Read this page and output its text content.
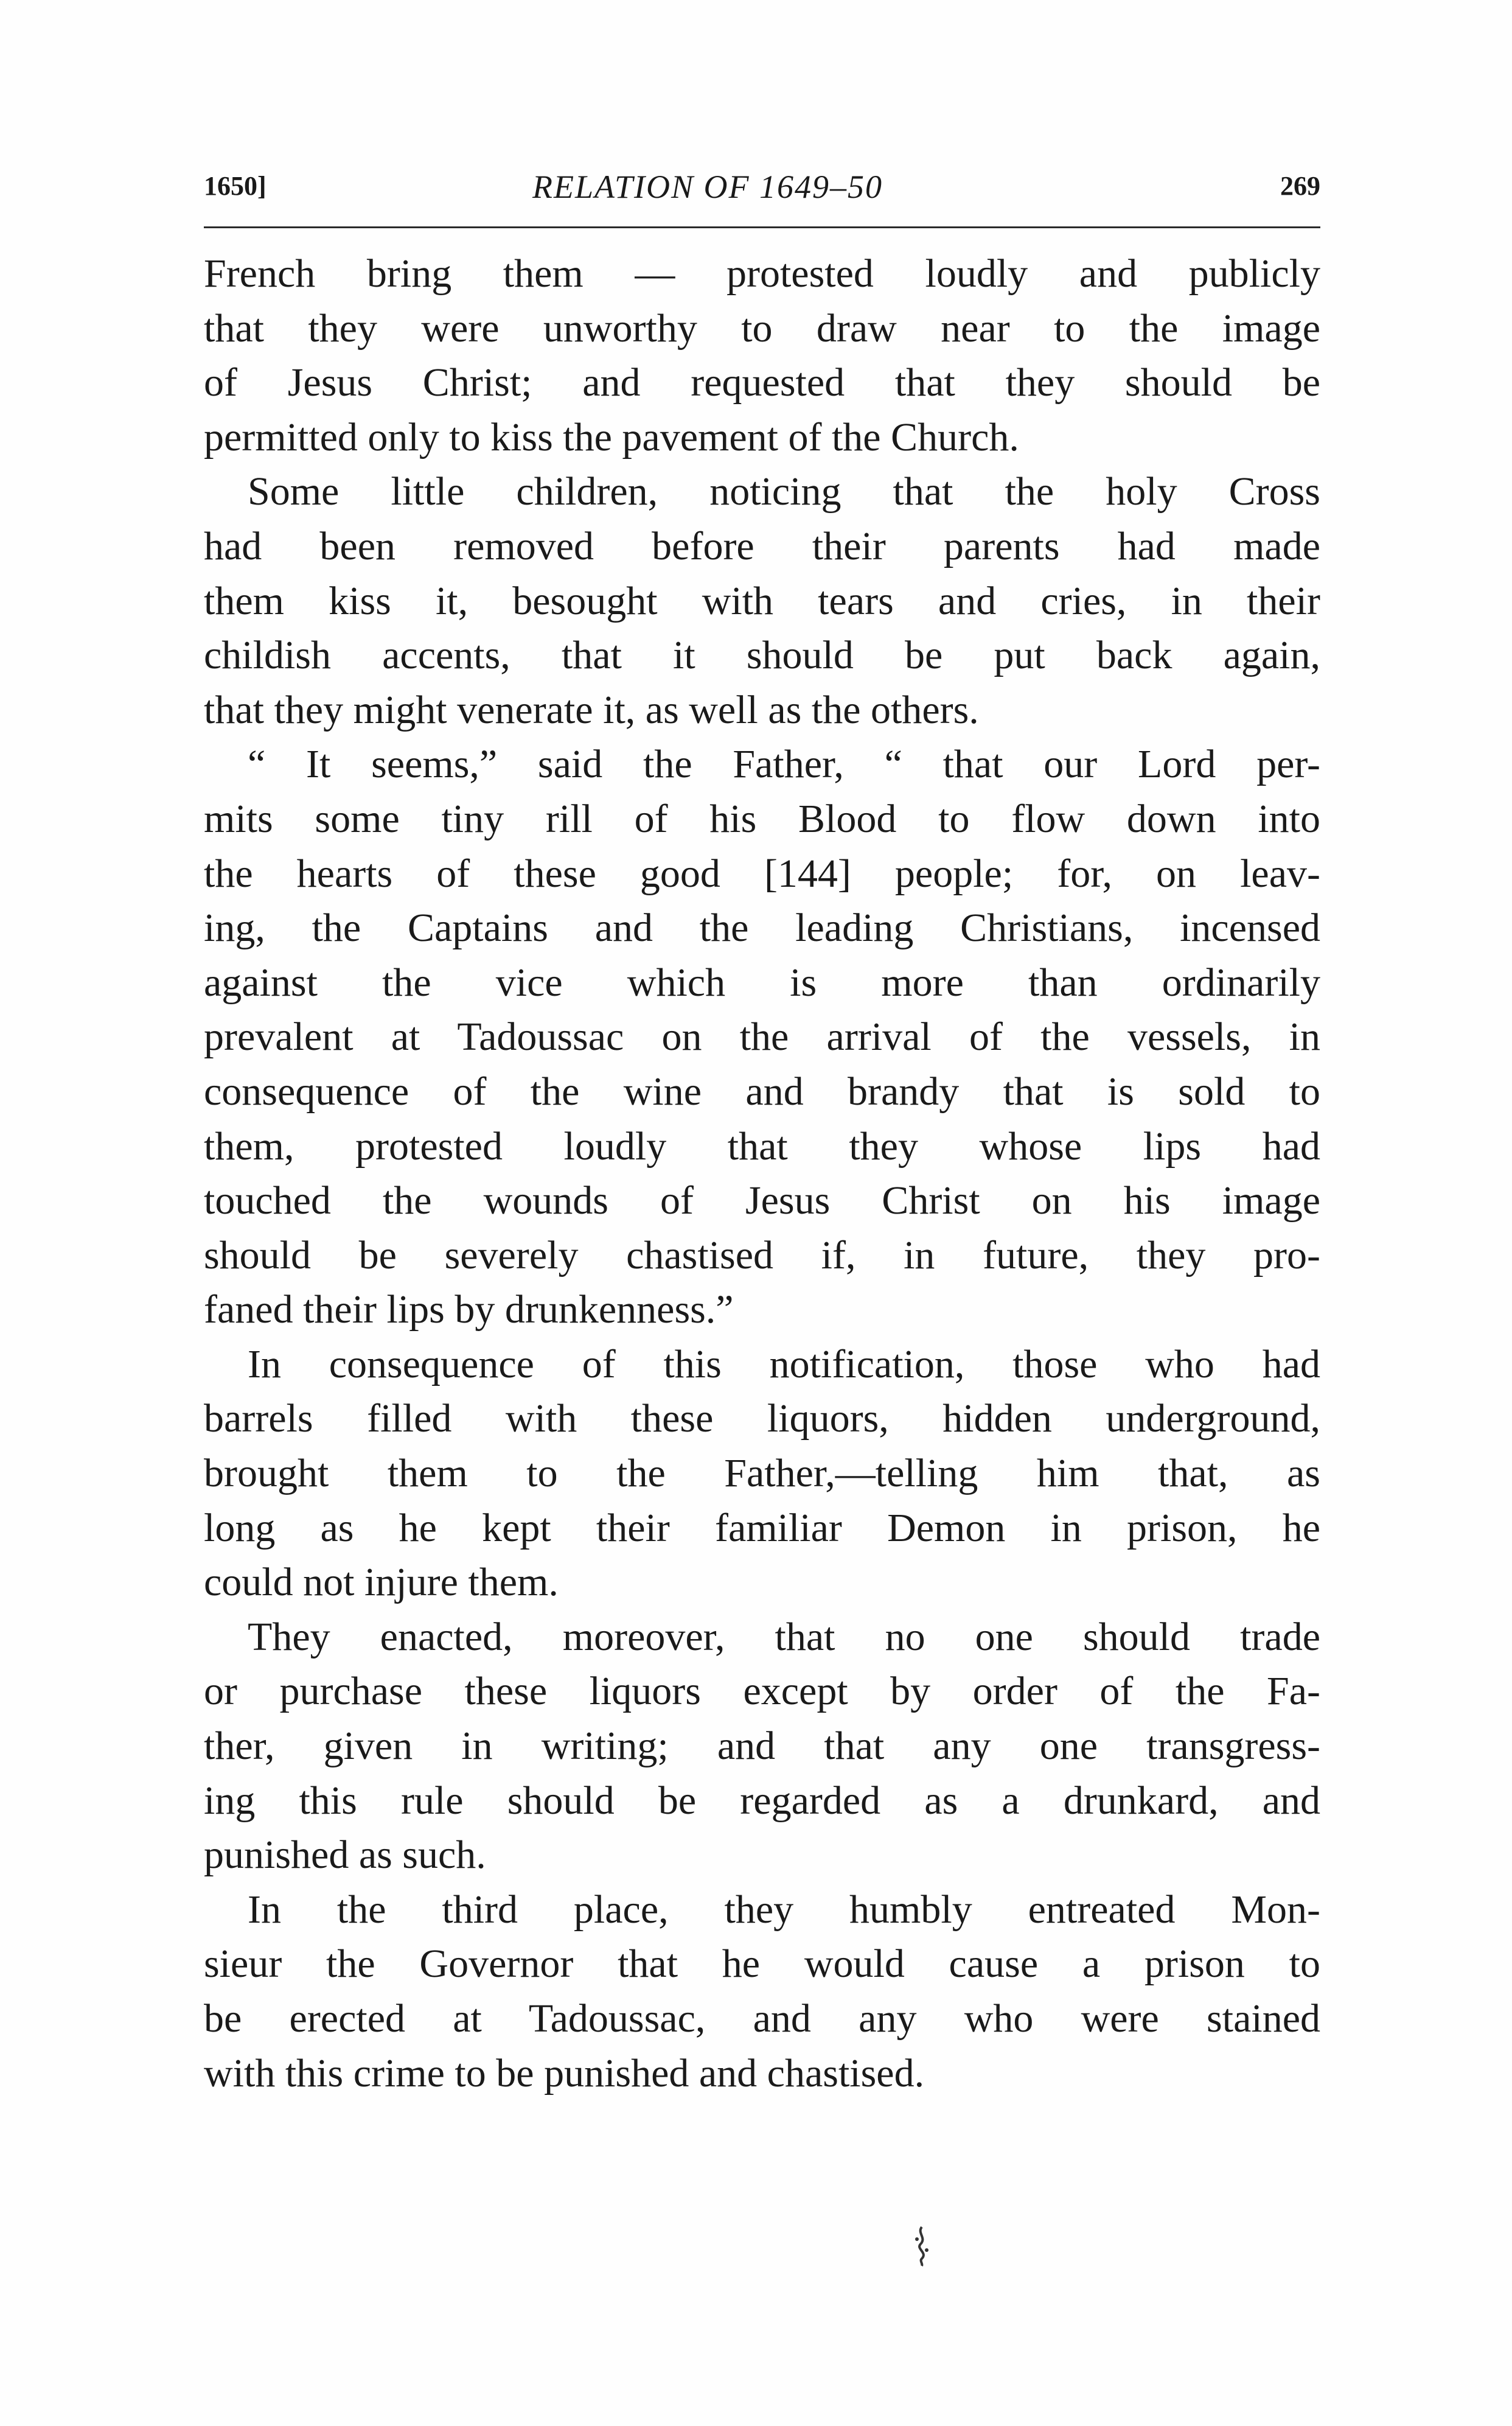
1650]	RELATION OF 1649–50	269
French bring them — protested loudly and publicly
that they were unworthy to draw near to the image
of Jesus Christ; and requested that they should be
permitted only to kiss the pavement of the Church.
Some little children, noticing that the holy Cross
had been removed before their parents had made
them kiss it, besought with tears and cries, in their
childish accents, that it should be put back again,
that they might venerate it, as well as the others.
“ It seems,” said the Father, “ that our Lord per-
mits some tiny rill of his Blood to flow down into
the hearts of these good [144] people; for, on leav-
ing, the Captains and the leading Christians, incensed
against the vice which is more than ordinarily
prevalent at Tadoussac on the arrival of the vessels, in
consequence of the wine and brandy that is sold to
them, protested loudly that they whose lips had
touched the wounds of Jesus Christ on his image
should be severely chastised if, in future, they pro-
faned their lips by drunkenness.”
In consequence of this notification, those who had
barrels filled with these liquors, hidden underground,
brought them to the Father,—telling him that, as
long as he kept their familiar Demon in prison, he
could not injure them.
They enacted, moreover, that no one should trade
or purchase these liquors except by order of the Fa-
ther, given in writing; and that any one transgress-
ing this rule should be regarded as a drunkard, and
punished as such.
In the third place, they humbly entreated Mon-
sieur the Governor that he would cause a prison to
be erected at Tadoussac, and any who were stained
with this crime to be punished and chastised.
